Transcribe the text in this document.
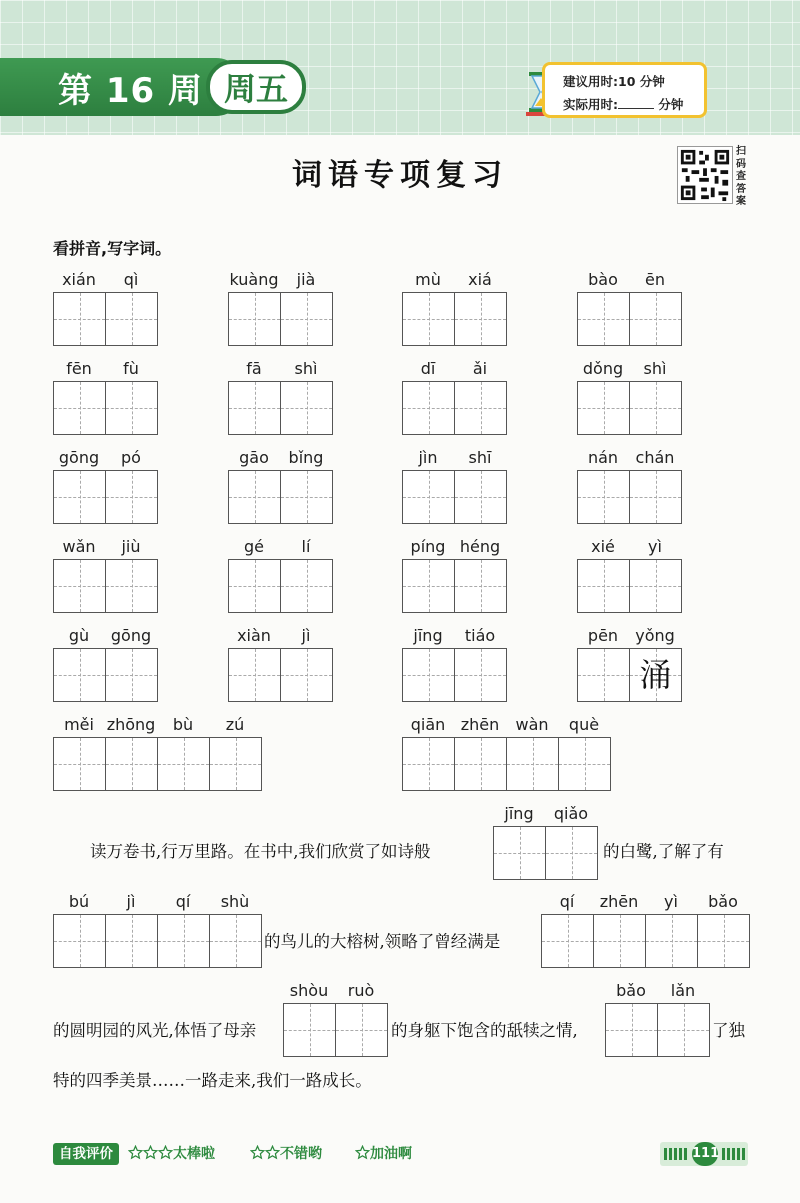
第 16 周 周五	建议用时:10 分钟
实际用时:	分钟
词语专项复习
扫
码
查
答
案
看拼音,写字词。
读万卷书,行万里路。在书中,我们欣赏了如诗般	的白鹭,了解了有
的鸟儿的大榕树,领略了曾经满是
的圆明园的风光,体悟了母亲	的身躯下饱含的舐犊之情,	了独
特的四季美景……一路走来,我们一路成长。
自我评价	太棒啦	不错哟	加油啊	111
xián	qì	kuàng	jià	mù	xiá	bào	ēn
fēn	fù	fā	shì	dī	ǎi	dǒng	shì
gōng	pó	gāo	bǐng	jìn	shī	nán	chán
wǎn	jiù	gé	lí	píng héng	xié	yì
gù	gōng	xiàn	jì	jīng	tiáo	pēn	yǒng
涌
měi zhōng	bù	zú	qiān zhēn	wàn	què
jīng	qiǎo
bú	jì	qí	shù	qí	zhēn	yì	bǎo
shòu	ruò	bǎo	lǎn
